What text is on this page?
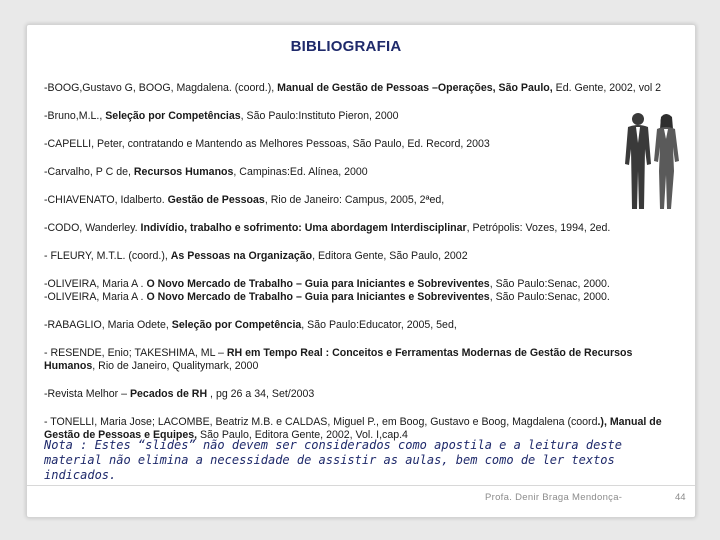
BIBLIOGRAFIA

-BOOG,Gustavo G, BOOG, Magdalena. (coord.), Manual de Gestão de Pessoas –Operações, São Paulo, Ed. Gente, 2002, vol 2

-Bruno,M.L., Seleção por Competências, São Paulo:Instituto Pieron, 2000

-CAPELLI, Peter, contratando e Mantendo as Melhores Pessoas, São Paulo, Ed. Record, 2003

-Carvalho, P C de, Recursos Humanos, Campinas:Ed. Alínea, 2000

-CHIAVENATO, Idalberto. Gestão de Pessoas, Rio de Janeiro: Campus, 2005, 2ªed,

-CODO, Wanderley. Indivídio, trabalho e sofrimento: Uma abordagem Interdisciplinar, Petrópolis: Vozes, 1994, 2ed.

- FLEURY, M.T.L. (coord.), As Pessoas na Organização, Editora Gente, São Paulo, 2002

-OLIVEIRA, Maria A . O Novo Mercado de Trabalho – Guia para Iniciantes e Sobreviventes, São Paulo:Senac, 2000.

-OLIVEIRA, Maria A . O Novo Mercado de Trabalho – Guia para Iniciantes e Sobreviventes, São Paulo:Senac, 2000.

-RABAGLIO, Maria Odete, Seleção por Competência, São Paulo:Educator, 2005, 5ed,

- RESENDE, Enio; TAKESHIMA, ML – RH em Tempo Real : Conceitos e Ferramentas Modernas de Gestão de Recursos Humanos, Rio de Janeiro, Qualitymark, 2000

-Revista Melhor – Pecados de RH , pg 26 a 34, Set/2003

- TONELLI, Maria Jose; LACOMBE, Beatriz M.B. e CALDAS, Miguel P., em Boog, Gustavo e Boog, Magdalena (coord.), Manual de Gestão de Pessoas e Equipes, São Paulo, Editora Gente, 2002, Vol. I,cap.4

Nota : Estes “slides” não devem ser considerados como apostila e a leitura deste material não elimina a necessidade de assistir as aulas, bem como de ler textos indicados.
Profa. Denir Braga Mendonça-	44
